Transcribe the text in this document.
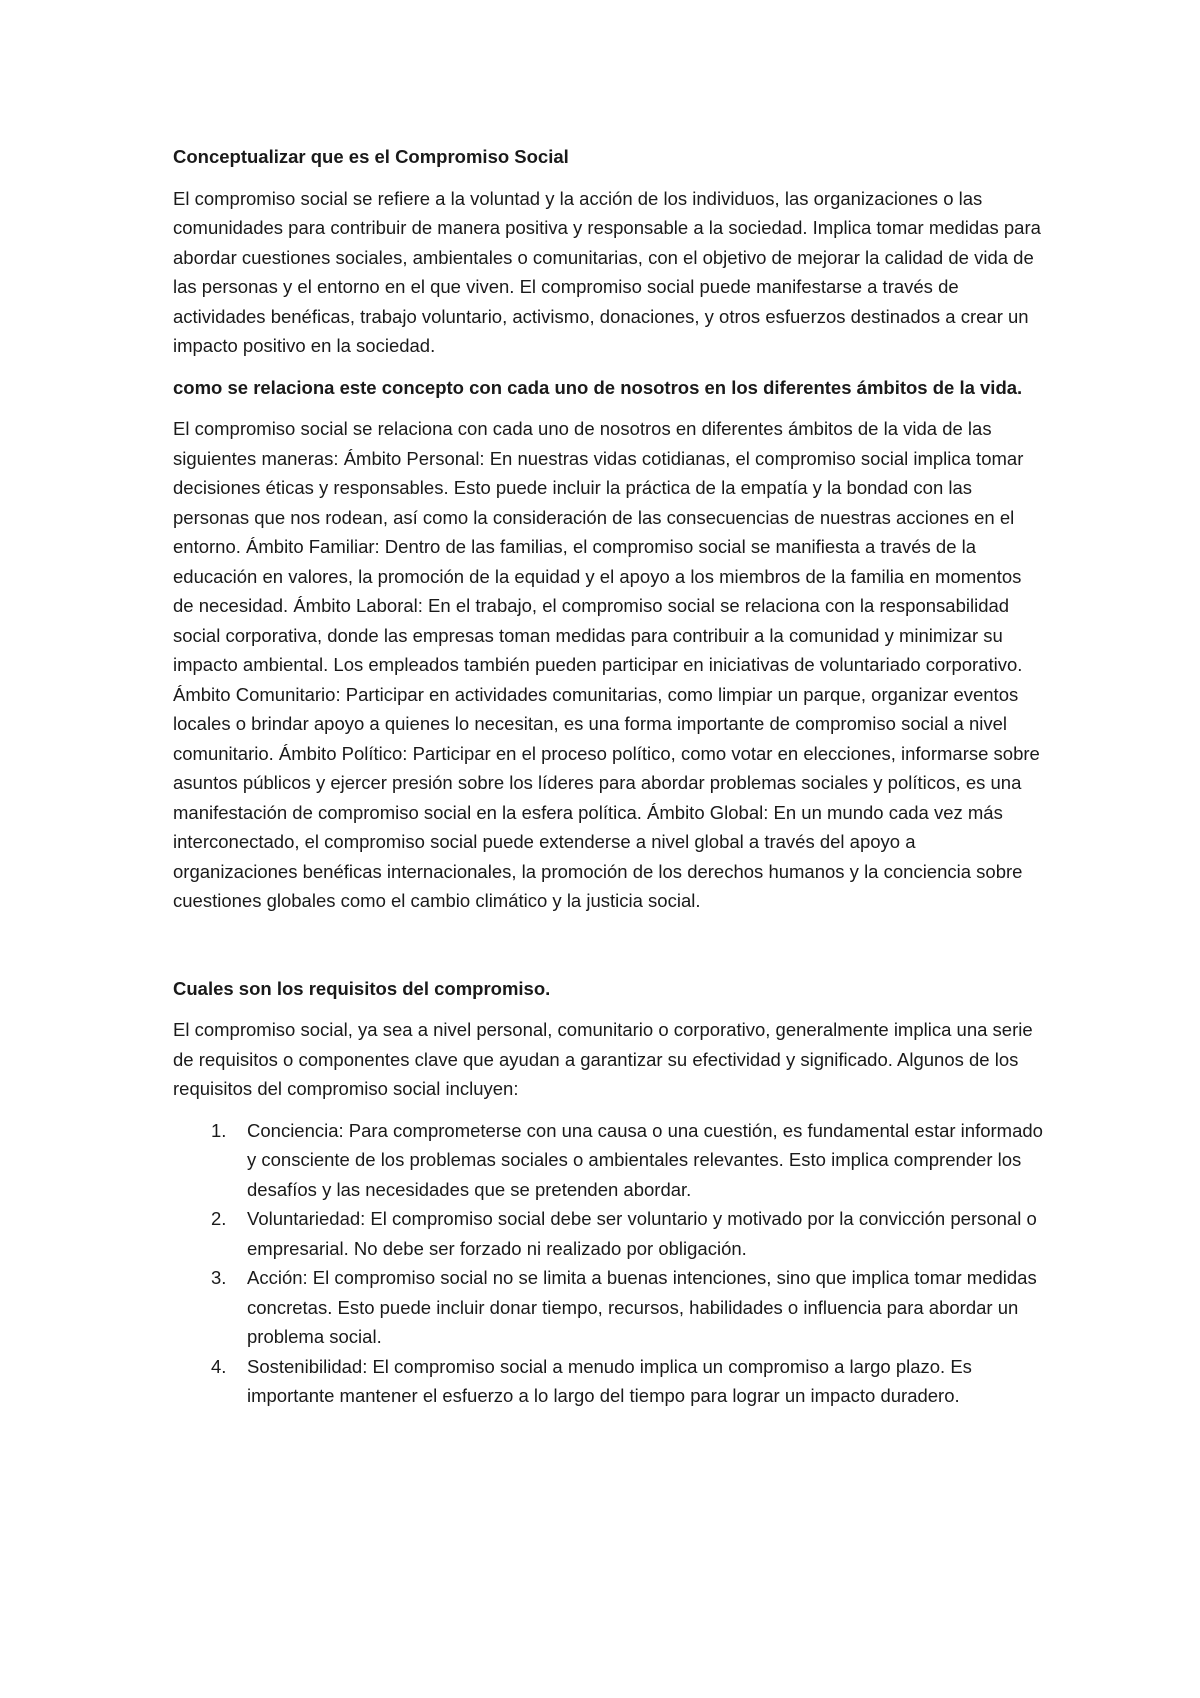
Conceptualizar que es el Compromiso Social
El compromiso social se refiere a la voluntad y la acción de los individuos, las organizaciones o las comunidades para contribuir de manera positiva y responsable a la sociedad. Implica tomar medidas para abordar cuestiones sociales, ambientales o comunitarias, con el objetivo de mejorar la calidad de vida de las personas y el entorno en el que viven. El compromiso social puede manifestarse a través de actividades benéficas, trabajo voluntario, activismo, donaciones, y otros esfuerzos destinados a crear un impacto positivo en la sociedad.
como se relaciona este concepto con cada uno de nosotros en los diferentes ámbitos de la vida.
El compromiso social se relaciona con cada uno de nosotros en diferentes ámbitos de la vida de las siguientes maneras: Ámbito Personal: En nuestras vidas cotidianas, el compromiso social implica tomar decisiones éticas y responsables. Esto puede incluir la práctica de la empatía y la bondad con las personas que nos rodean, así como la consideración de las consecuencias de nuestras acciones en el entorno. Ámbito Familiar: Dentro de las familias, el compromiso social se manifiesta a través de la educación en valores, la promoción de la equidad y el apoyo a los miembros de la familia en momentos de necesidad. Ámbito Laboral: En el trabajo, el compromiso social se relaciona con la responsabilidad social corporativa, donde las empresas toman medidas para contribuir a la comunidad y minimizar su impacto ambiental. Los empleados también pueden participar en iniciativas de voluntariado corporativo. Ámbito Comunitario: Participar en actividades comunitarias, como limpiar un parque, organizar eventos locales o brindar apoyo a quienes lo necesitan, es una forma importante de compromiso social a nivel comunitario. Ámbito Político: Participar en el proceso político, como votar en elecciones, informarse sobre asuntos públicos y ejercer presión sobre los líderes para abordar problemas sociales y políticos, es una manifestación de compromiso social en la esfera política. Ámbito Global: En un mundo cada vez más interconectado, el compromiso social puede extenderse a nivel global a través del apoyo a organizaciones benéficas internacionales, la promoción de los derechos humanos y la conciencia sobre cuestiones globales como el cambio climático y la justicia social.
Cuales son los requisitos del compromiso.
El compromiso social, ya sea a nivel personal, comunitario o corporativo, generalmente implica una serie de requisitos o componentes clave que ayudan a garantizar su efectividad y significado. Algunos de los requisitos del compromiso social incluyen:
1. Conciencia: Para comprometerse con una causa o una cuestión, es fundamental estar informado y consciente de los problemas sociales o ambientales relevantes. Esto implica comprender los desafíos y las necesidades que se pretenden abordar.
2. Voluntariedad: El compromiso social debe ser voluntario y motivado por la convicción personal o empresarial. No debe ser forzado ni realizado por obligación.
3. Acción: El compromiso social no se limita a buenas intenciones, sino que implica tomar medidas concretas. Esto puede incluir donar tiempo, recursos, habilidades o influencia para abordar un problema social.
4. Sostenibilidad: El compromiso social a menudo implica un compromiso a largo plazo. Es importante mantener el esfuerzo a lo largo del tiempo para lograr un impacto duradero.
